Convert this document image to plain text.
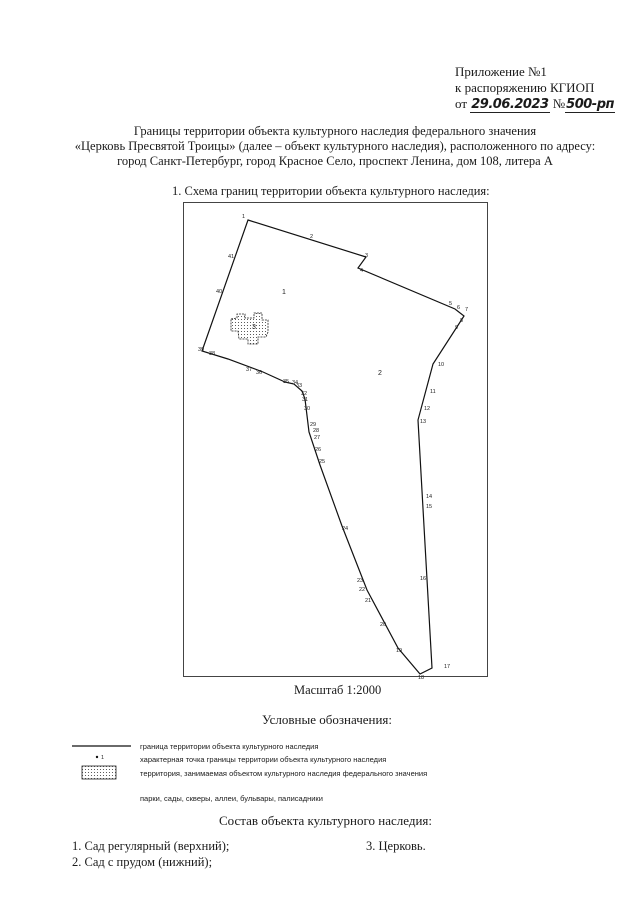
Приложение №1
к распоряжению КГИОП
от 29.06.2023 №500-рп
Границы территории объекта культурного наследия федерального значения
«Церковь Пресвятой Троицы» (далее – объект культурного наследия), расположенного по адресу:
город Санкт-Петербург, город Красное Село, проспект Ленина, дом 108, литера А
1. Схема границ территории объекта культурного наследия:
1
2
3
4
5
6 7
8
9
10
11
12
13
14
15
16
17
18
19
20
21
22
23
24
25
26
27
28
29
30
31
32
33
34
35
36
37
38
39
40
41
1
2
3
1
Масштаб 1:2000
Условные обозначения:
граница территории объекта культурного наследия
характерная точка границы территории объекта культурного наследия
территория, занимаемая объектом культурного наследия федерального значения
парки, сады, скверы, аллеи, бульвары, палисадники
Состав объекта культурного наследия:
1. Сад регулярный (верхний);
2. Сад с прудом (нижний);
3. Церковь.
